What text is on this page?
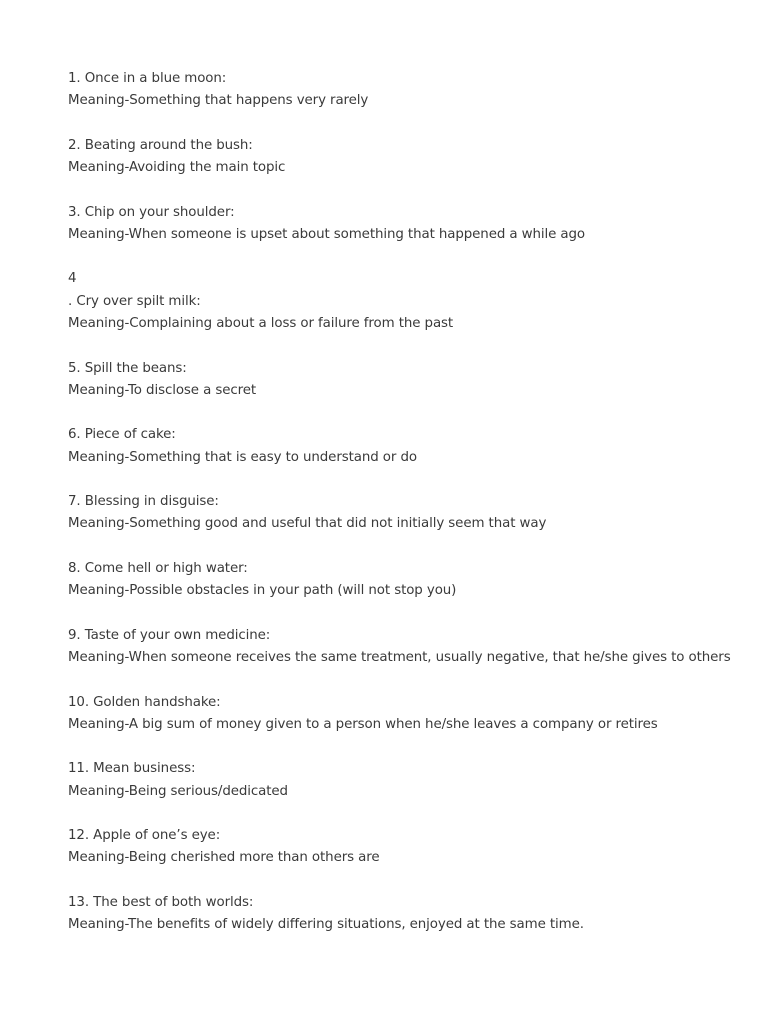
1. Once in a blue moon:
Meaning-Something that happens very rarely
2. Beating around the bush:
Meaning-Avoiding the main topic
3. Chip on your shoulder:
Meaning-When someone is upset about something that happened a while ago
4
. Cry over spilt milk:
Meaning-Complaining about a loss or failure from the past
5. Spill the beans:
Meaning-To disclose a secret
6. Piece of cake:
Meaning-Something that is easy to understand or do
7. Blessing in disguise:
Meaning-Something good and useful that did not initially seem that way
8. Come hell or high water:
Meaning-Possible obstacles in your path (will not stop you)
9. Taste of your own medicine:
Meaning-When someone receives the same treatment, usually negative, that he/she gives to others
10. Golden handshake:
Meaning-A big sum of money given to a person when he/she leaves a company or retires
11. Mean business:
Meaning-Being serious/dedicated
12. Apple of one’s eye:
Meaning-Being cherished more than others are
13. The best of both worlds:
Meaning-The benefits of widely differing situations, enjoyed at the same time.
